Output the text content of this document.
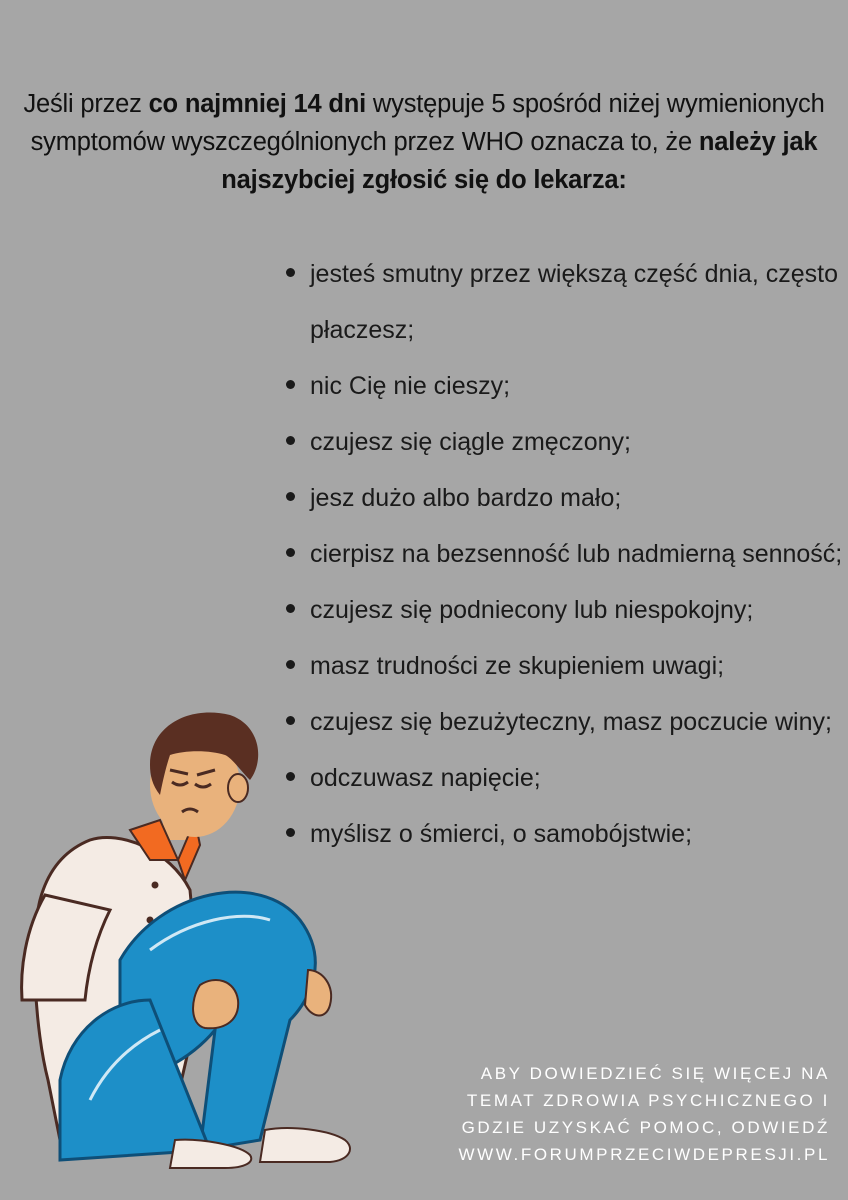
Jeśli przez co najmniej 14 dni występuje 5 spośród niżej wymienionych symptomów wyszczególnionych przez WHO oznacza to, że należy jak najszybciej zgłosić się do lekarza:
jesteś smutny przez większą część dnia, często płaczesz;
nic Cię nie cieszy;
czujesz się ciągle zmęczony;
jesz dużo albo bardzo mało;
cierpisz na bezsenność lub nadmierną senność;
czujesz się podniecony lub niespokojny;
masz trudności ze skupieniem uwagi;
czujesz się bezużyteczny, masz poczucie winy;
odczuwasz napięcie;
myślisz o śmierci, o samobójstwie;
ABY DOWIEDZIEĆ SIĘ WIĘCEJ NA
TEMAT ZDROWIA PSYCHICZNEGO I
GDZIE UZYSKAĆ POMOC, ODWIEDŹ
WWW.FORUMPRZECIWDEPRESJI.PL
